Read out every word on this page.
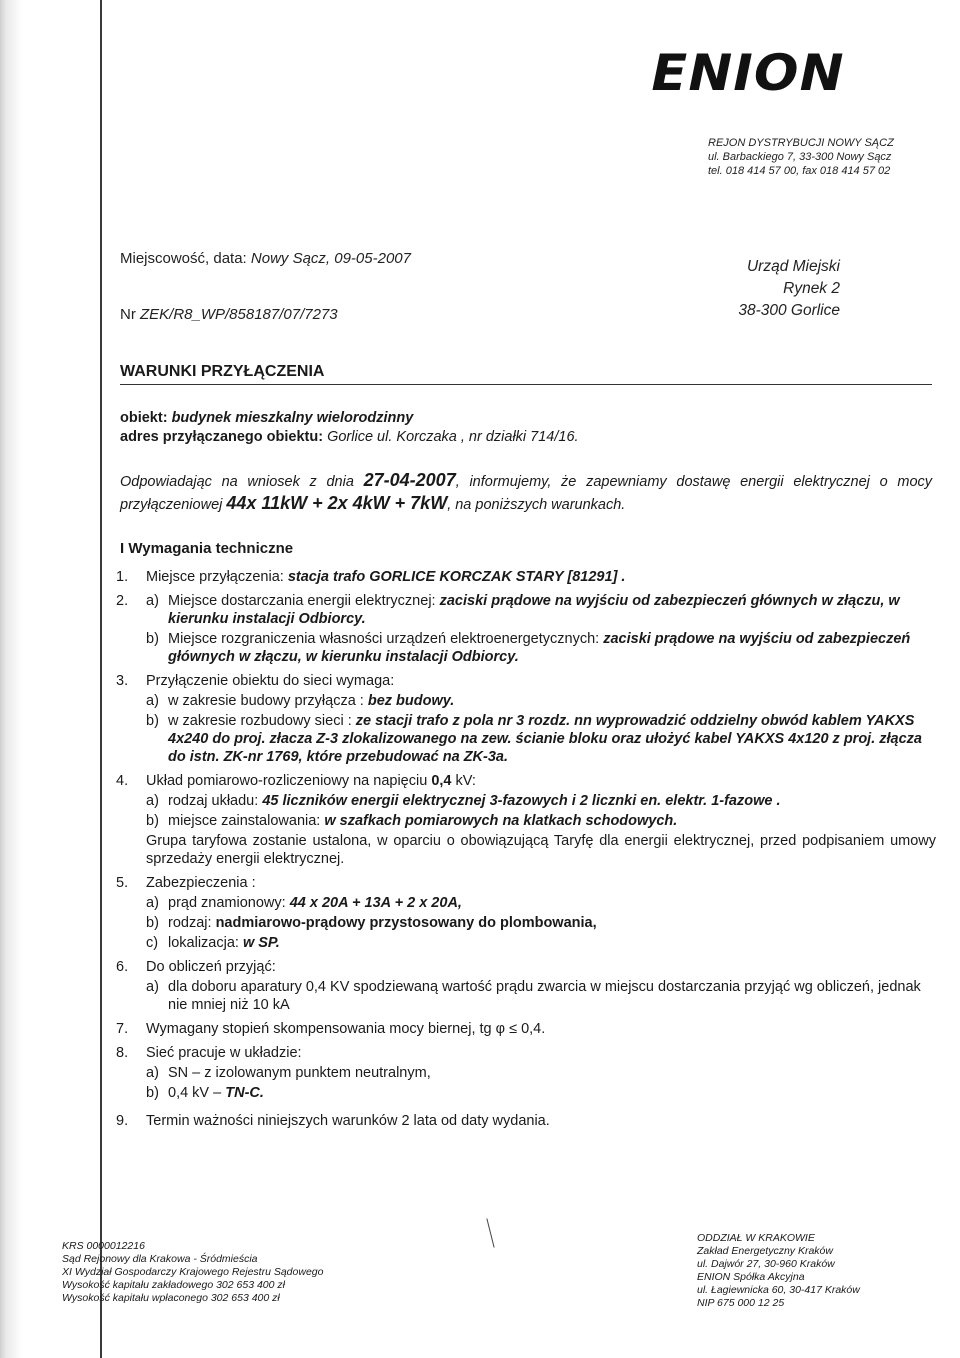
ENION
REJON DYSTRYBUCJI NOWY SĄCZ
ul. Barbackiego 7, 33-300 Nowy Sącz
tel. 018 414 57 00, fax 018 414 57 02
Miejscowość, data: Nowy Sącz, 09-05-2007
Nr ZEK/R8_WP/858187/07/7273
Urząd Miejski
Rynek 2
38-300 Gorlice
WARUNKI PRZYŁĄCZENIA
obiekt: budynek mieszkalny wielorodzinny
adres przyłączanego obiektu: Gorlice ul. Korczaka , nr działki 714/16.
Odpowiadając na wniosek z dnia 27-04-2007, informujemy, że zapewniamy dostawę energii elektrycznej o mocy przyłączeniowej 44x 11kW + 2x 4kW + 7kW, na poniższych warunkach.
I Wymagania techniczne
1. Miejsce przyłączenia: stacja trafo GORLICE KORCZAK STARY [81291] .
2. a) Miejsce dostarczania energii elektrycznej: zaciski prądowe na wyjściu od zabezpieczeń głównych w złączu, w kierunku instalacji Odbiorcy.
b) Miejsce rozgraniczenia własności urządzeń elektroenergetycznych: zaciski prądowe na wyjściu od zabezpieczeń głównych w złączu, w kierunku instalacji Odbiorcy.
3. Przyłączenie obiektu do sieci wymaga:
a) w zakresie budowy przyłącza : bez budowy.
b) w zakresie rozbudowy sieci : ze stacji trafo z pola nr 3 rozdz. nn wyprowadzić oddzielny obwód kablem YAKXS 4x240 do proj. złacza Z-3 zlokalizowanego na zew. ścianie bloku oraz ułożyć kabel YAKXS 4x120 z proj. złącza do istn. ZK-nr 1769, które przebudować na ZK-3a.
4. Układ pomiarowo-rozliczeniowy na napięciu 0,4 kV:
a) rodzaj układu: 45 liczników energii elektrycznej 3-fazowych i 2 licznki en. elektr. 1-fazowe .
b) miejsce zainstalowania: w szafkach pomiarowych na klatkach schodowych.
Grupa taryfowa zostanie ustalona, w oparciu o obowiązującą Taryfę dla energii elektrycznej, przed podpisaniem umowy sprzedaży energii elektrycznej.
5. Zabezpieczenia :
a) prąd znamionowy: 44 x 20A + 13A + 2 x 20A,
b) rodzaj: nadmiarowo-prądowy przystosowany do plombowania,
c) lokalizacja: w SP.
6. Do obliczeń przyjąć:
a) dla doboru aparatury 0,4 KV spodziewaną wartość prądu zwarcia w miejscu dostarczania przyjąć wg obliczeń, jednak nie mniej niż 10 kA
7. Wymagany stopień skompensowania mocy biernej, tg φ ≤ 0,4.
8. Sieć pracuje w układzie:
a) SN – z izolowanym punktem neutralnym,
b) 0,4 kV – TN-C.
9. Termin ważności niniejszych warunków 2 lata od daty wydania.
KRS 0000012216
Sąd Rejonowy dla Krakowa - Śródmieścia
XI Wydział Gospodarczy Krajowego Rejestru Sądowego
Wysokość kapitału zakładowego 302 653 400 zł
Wysokość kapitału wpłaconego 302 653 400 zł
ODDZIAŁ W KRAKOWIE
Zakład Energetyczny Kraków
ul. Dajwór 27, 30-960 Kraków
ENION Spółka Akcyjna
ul. Łagiewnicka 60, 30-417 Kraków
NIP 675 000 12 25
